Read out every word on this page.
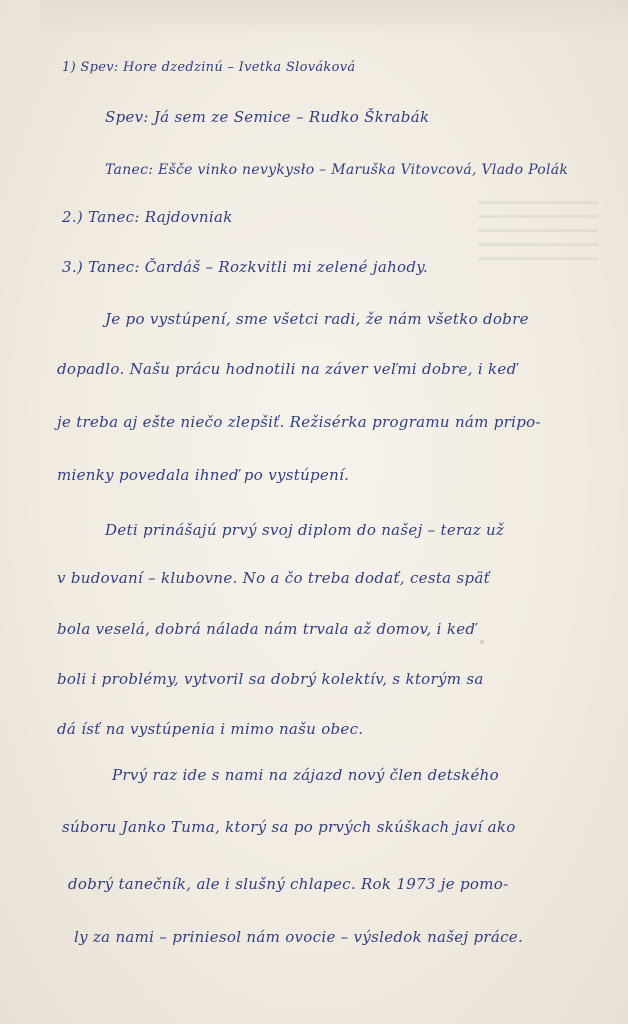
1) Spev: Hore dzedzinú – Ivetka Slováková
Spev: Já sem ze Semice – Rudko Škrabák
Tanec: Ešče vinko nevykysło – Maruška Vitovcová, Vlado Polák
2.) Tanec: Rajdovniak
3.) Tanec: Čardáš – Rozkvitli mi zelené jahody.
Je po vystúpení, sme všetci radi, že nám všetko dobre
dopadlo. Našu prácu hodnotili na záver veľmi dobre, i keď
je treba aj ešte niečo zlepšiť. Režisérka programu nám pripo-
mienky povedala ihneď po vystúpení.
Deti prinášajú prvý svoj diplom do našej – teraz už
v budovaní – klubovne. No a čo treba dodať, cesta späť
bola veselá, dobrá nálada nám trvala až domov, i keď
boli i problémy, vytvoril sa dobrý kolektív, s ktorým sa
dá ísť na vystúpenia i mimo našu obec.
Prvý raz ide s nami na zájazd nový člen detského
súboru Janko Tuma, ktorý sa po prvých skúškach javí ako
dobrý tanečník, ale i slušný chlapec. Rok 1973 je pomo-
ly za nami – priniesol nám ovocie – výsledok našej práce.
